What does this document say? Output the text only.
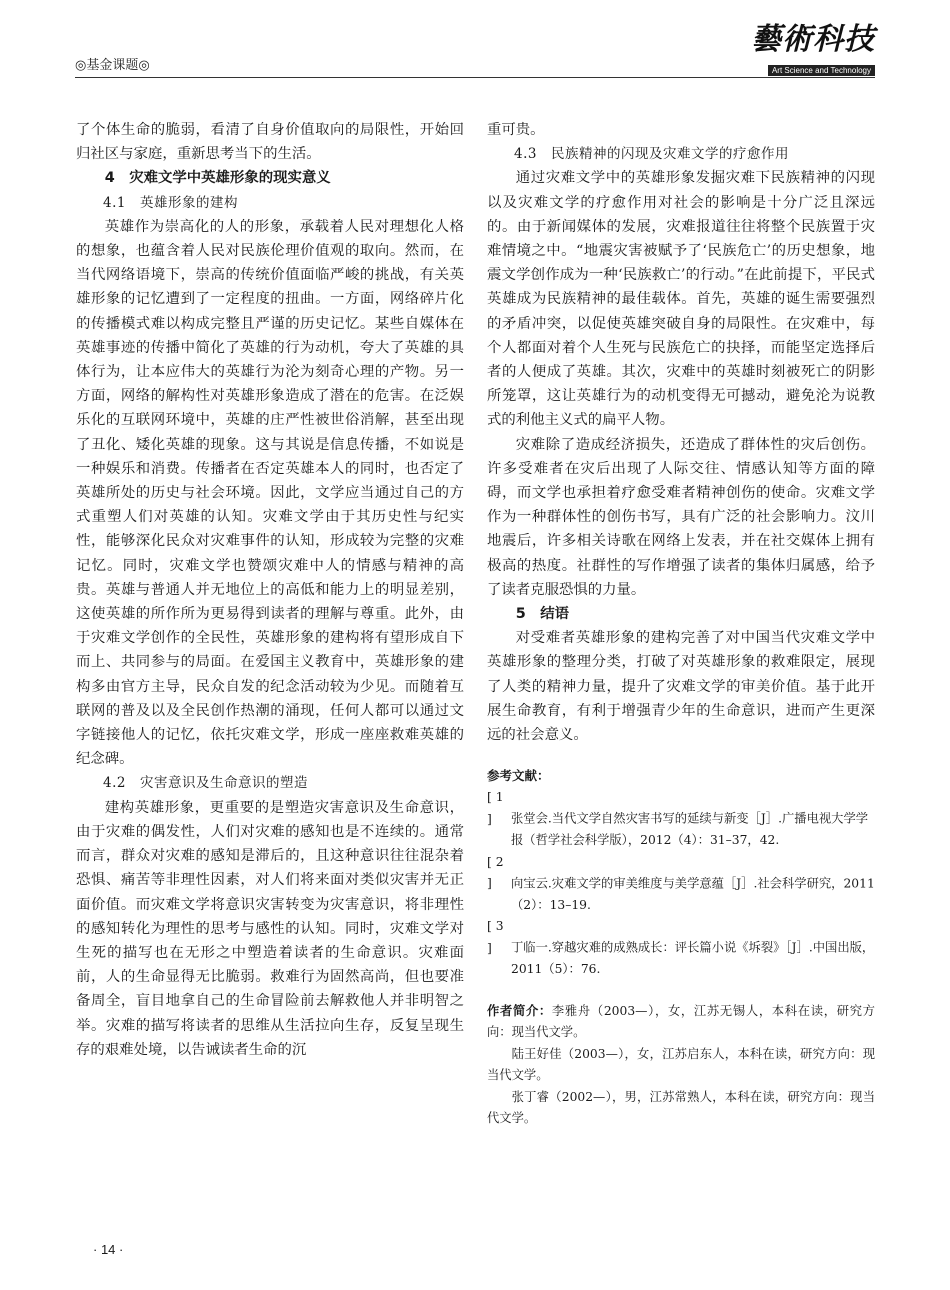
◎基金课题◎
藝術科技
Art Science and Technology

了个体生命的脆弱，看清了自身价值取向的局限性，开始回归社区与家庭，重新思考当下的生活。

4　灾难文学中英雄形象的现实意义
4.1　英雄形象的建构

英雄作为崇高化的人的形象，承载着人民对理想化人格的想象，也蕴含着人民对民族伦理价值观的取向。然而，在当代网络语境下，崇高的传统价值面临严峻的挑战，有关英雄形象的记忆遭到了一定程度的扭曲。一方面，网络碎片化的传播模式难以构成完整且严谨的历史记忆。某些自媒体在英雄事迹的传播中简化了英雄的行为动机，夸大了英雄的具体行为，让本应伟大的英雄行为沦为刻奇心理的产物。另一方面，网络的解构性对英雄形象造成了潜在的危害。在泛娱乐化的互联网环境中，英雄的庄严性被世俗消解，甚至出现了丑化、矮化英雄的现象。这与其说是信息传播，不如说是一种娱乐和消费。传播者在否定英雄本人的同时，也否定了英雄所处的历史与社会环境。因此，文学应当通过自己的方式重塑人们对英雄的认知。灾难文学由于其历史性与纪实性，能够深化民众对灾难事件的认知，形成较为完整的灾难记忆。同时，灾难文学也赞颂灾难中人的情感与精神的高贵。英雄与普通人并无地位上的高低和能力上的明显差别，这使英雄的所作所为更易得到读者的理解与尊重。此外，由于灾难文学创作的全民性，英雄形象的建构将有望形成自下而上、共同参与的局面。在爱国主义教育中，英雄形象的建构多由官方主导，民众自发的纪念活动较为少见。而随着互联网的普及以及全民创作热潮的涌现，任何人都可以通过文字链接他人的记忆，依托灾难文学，形成一座座救难英雄的纪念碑。

4.2　灾害意识及生命意识的塑造

建构英雄形象，更重要的是塑造灾害意识及生命意识，由于灾难的偶发性，人们对灾难的感知也是不连续的。通常而言，群众对灾难的感知是滞后的，且这种意识往往混杂着恐惧、痛苦等非理性因素，对人们将来面对类似灾害并无正面价值。而灾难文学将意识灾害转变为灾害意识，将非理性的感知转化为理性的思考与感性的认知。同时，灾难文学对生死的描写也在无形之中塑造着读者的生命意识。灾难面前，人的生命显得无比脆弱。救难行为固然高尚，但也要准备周全，盲目地拿自己的生命冒险前去解救他人并非明智之举。灾难的描写将读者的思维从生活拉向生存，反复呈现生存的艰难处境，以告诫读者生命的沉

重可贵。

4.3　民族精神的闪现及灾难文学的疗愈作用

通过灾难文学中的英雄形象发掘灾难下民族精神的闪现以及灾难文学的疗愈作用对社会的影响是十分广泛且深远的。由于新闻媒体的发展，灾难报道往往将整个民族置于灾难情境之中。“地震灾害被赋予了‘民族危亡’的历史想象，地震文学创作成为一种‘民族救亡’的行动。”在此前提下，平民式英雄成为民族精神的最佳载体。首先，英雄的诞生需要强烈的矛盾冲突，以促使英雄突破自身的局限性。在灾难中，每个人都面对着个人生死与民族危亡的抉择，而能坚定选择后者的人便成了英雄。其次，灾难中的英雄时刻被死亡的阴影所笼罩，这让英雄行为的动机变得无可撼动，避免沦为说教式的利他主义式的扁平人物。

灾难除了造成经济损失，还造成了群体性的灾后创伤。许多受难者在灾后出现了人际交往、情感认知等方面的障碍，而文学也承担着疗愈受难者精神创伤的使命。灾难文学作为一种群体性的创伤书写，具有广泛的社会影响力。汶川地震后，许多相关诗歌在网络上发表，并在社交媒体上拥有极高的热度。社群性的写作增强了读者的集体归属感，给予了读者克服恐惧的力量。

5　结语

对受难者英雄形象的建构完善了对中国当代灾难文学中英雄形象的整理分类，打破了对英雄形象的救难限定，展现了人类的精神力量，提升了灾难文学的审美价值。基于此开展生命教育，有利于增强青少年的生命意识，进而产生更深远的社会意义。

参考文献：
[ 1 ] 张堂会.当代文学自然灾害书写的延续与新变［J］.广播电视大学学报（哲学社会科学版），2012（4）：31–37，42.
[ 2 ] 向宝云.灾难文学的审美维度与美学意蕴［J］.社会科学研究，2011（2）：13–19.
[ 3 ] 丁临一.穿越灾难的成熟成长：评长篇小说《坼裂》［J］.中国出版，2011（5）：76.
作者简介：李雅舟（2003—），女，江苏无锡人，本科在读，研究方向：现当代文学。

陆王好佳（2003—），女，江苏启东人，本科在读，研究方向：现当代文学。

张丁睿（2002—），男，江苏常熟人，本科在读，研究方向：现当代文学。

· 14 ·
